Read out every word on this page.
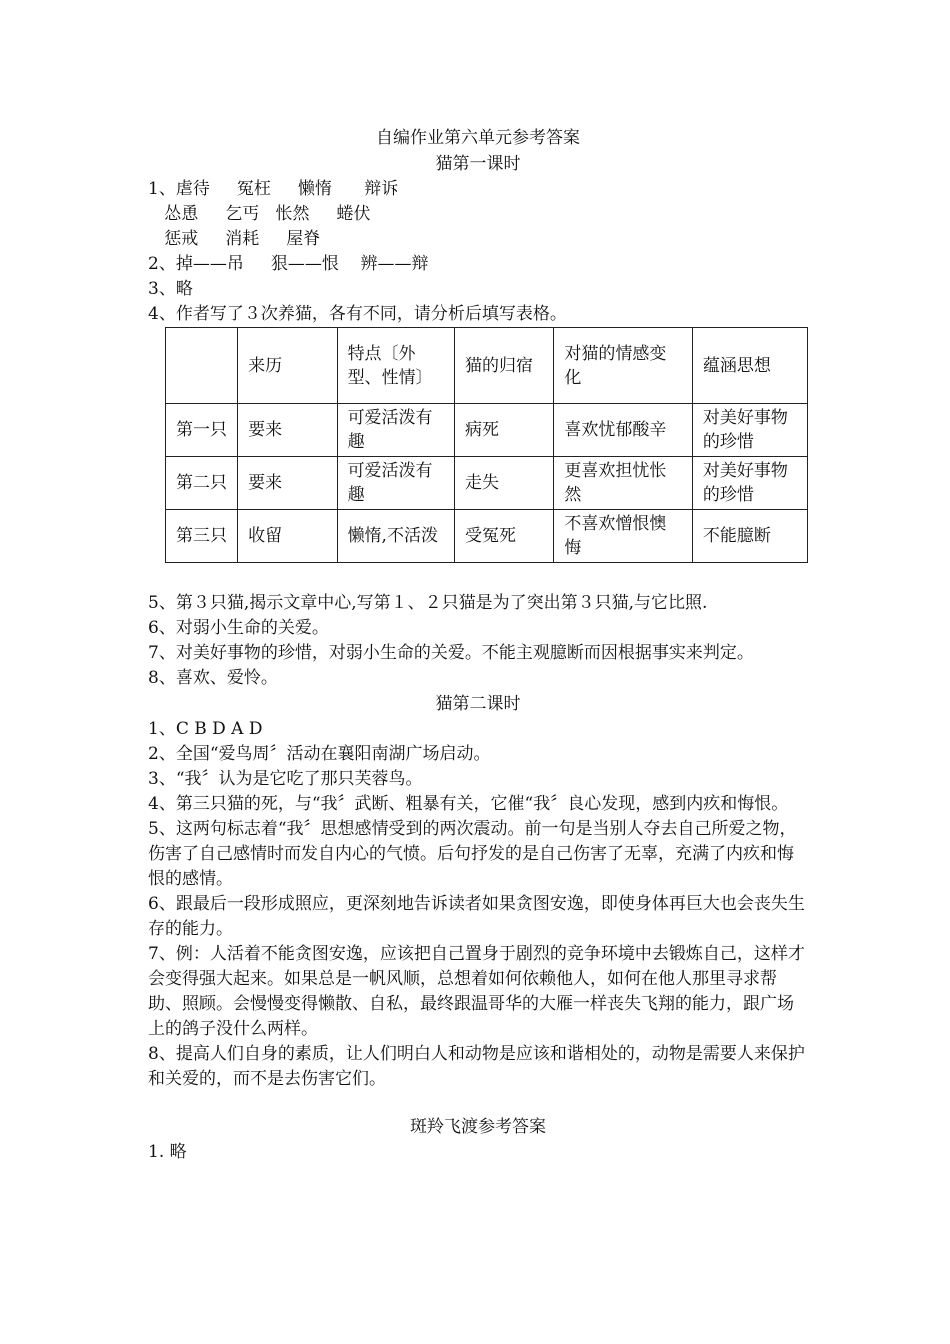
自编作业第六单元参考答案
猫第一课时
1、虐待     冤枉     懒惰      辩诉
怂恿     乞丐   怅然     蜷伏
惩戒     消耗     屋脊
2、掉——吊     狠——恨    辨——辩
3、略
4、作者写了３次养猫，各有不同，请分析后填写表格。
	来历	特点〔外型、性情〕	猫的归宿	对猫的情感变化	蕴涵思想
第一只	要来	可爱活泼有趣	病死	喜欢忧郁酸辛	对美好事物的珍惜
第二只	要来	可爱活泼有趣	走失	更喜欢担忧怅然	对美好事物的珍惜
第三只	收留	懒惰,不活泼	受冤死	不喜欢憎恨懊悔	不能臆断
5、第３只猫,揭示文章中心,写第１、２只猫是为了突出第３只猫,与它比照.
6、对弱小生命的关爱。
7、对美好事物的珍惜，对弱小生命的关爱。不能主观臆断而因根据事实来判定。
8、喜欢、爱怜。
猫第二课时
1、C B D A D
2、全国“爱鸟周〞活动在襄阳南湖广场启动。
3、“我〞认为是它吃了那只芙蓉鸟。
4、第三只猫的死，与“我〞武断、粗暴有关，它催“我〞良心发现，感到内疚和悔恨。
5、这两句标志着“我〞思想感情受到的两次震动。前一句是当别人夺去自己所爱之物，伤害了自己感情时而发自内心的气愤。后句抒发的是自己伤害了无辜，充满了内疚和悔恨的感情。
6、跟最后一段形成照应，更深刻地告诉读者如果贪图安逸，即使身体再巨大也会丧失生存的能力。
7、例：人活着不能贪图安逸，应该把自己置身于剧烈的竞争环境中去锻炼自己，这样才会变得强大起来。如果总是一帆风顺，总想着如何依赖他人，如何在他人那里寻求帮助、照顾。会慢慢变得懒散、自私，最终跟温哥华的大雁一样丧失飞翔的能力，跟广场上的鸽子没什么两样。
8、提高人们自身的素质，让人们明白人和动物是应该和谐相处的，动物是需要人来保护和关爱的，而不是去伤害它们。
斑羚飞渡参考答案
1. 略
